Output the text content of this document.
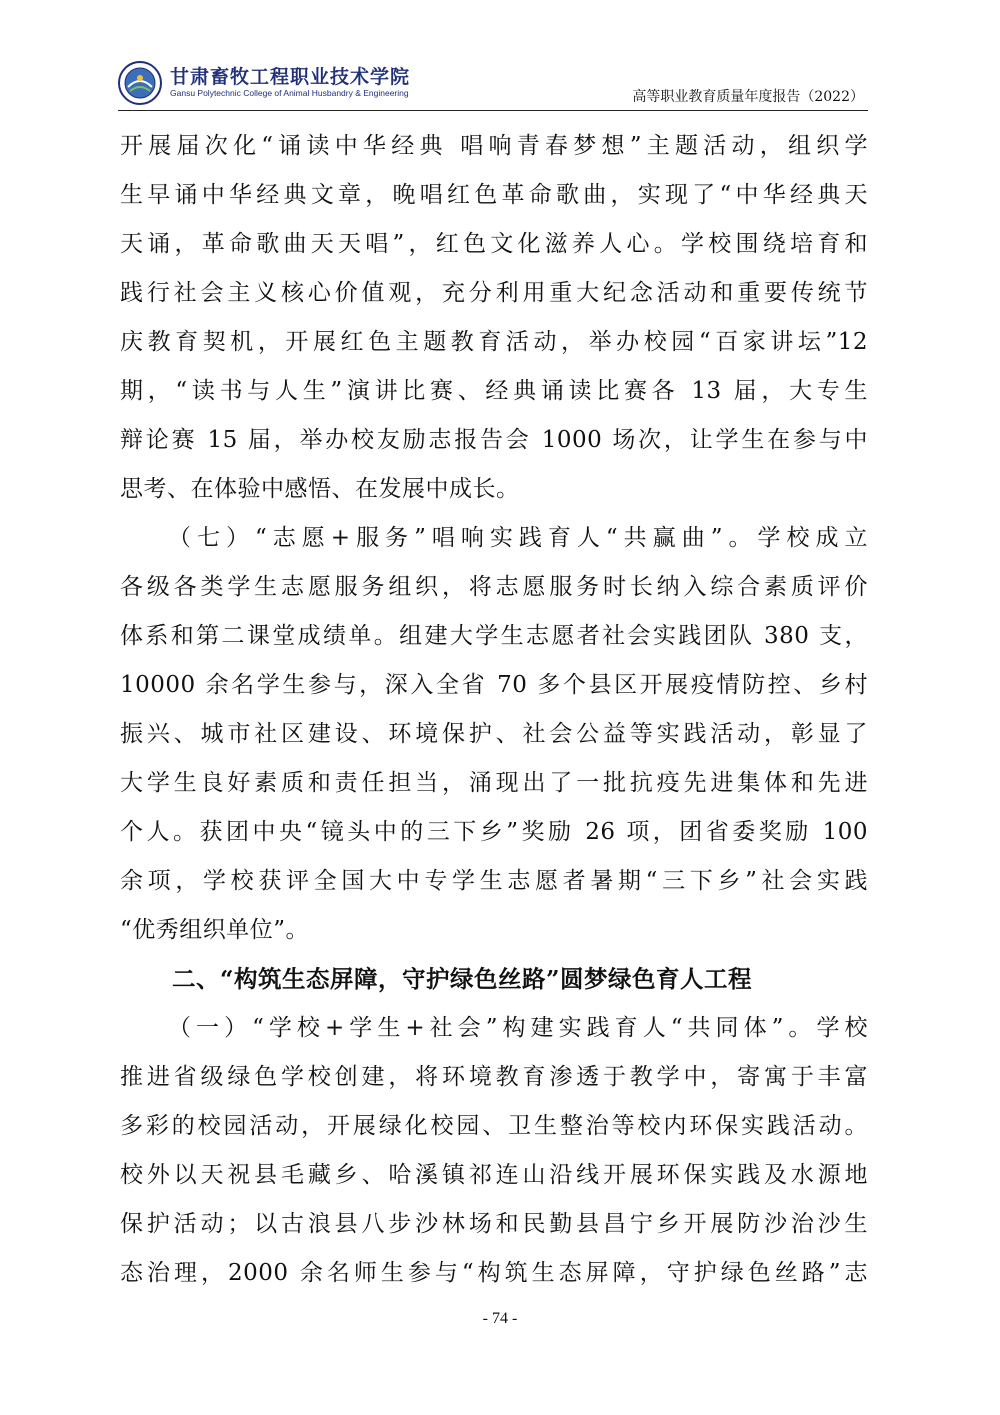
甘肃畜牧工程职业技术学院
Gansu Polytechnic College of Animal Husbandry & Engineering	高等职业教育质量年度报告（2022）
开展届次化“诵读中华经典 唱响青春梦想”主题活动，组织学
生早诵中华经典文章，晚唱红色革命歌曲，实现了“中华经典天
天诵，革命歌曲天天唱”，红色文化滋养人心。学校围绕培育和
践行社会主义核心价值观，充分利用重大纪念活动和重要传统节
庆教育契机，开展红色主题教育活动，举办校园“百家讲坛”12
期，“读书与人生”演讲比赛、经典诵读比赛各 13 届，大专生
辩论赛 15 届，举办校友励志报告会 1000 场次，让学生在参与中
思考、在体验中感悟、在发展中成长。
（七）“志愿+服务”唱响实践育人“共赢曲”。学校成立
各级各类学生志愿服务组织，将志愿服务时长纳入综合素质评价
体系和第二课堂成绩单。组建大学生志愿者社会实践团队 380 支，
10000 余名学生参与，深入全省 70 多个县区开展疫情防控、乡村
振兴、城市社区建设、环境保护、社会公益等实践活动，彰显了
大学生良好素质和责任担当，涌现出了一批抗疫先进集体和先进
个人。获团中央“镜头中的三下乡”奖励 26 项，团省委奖励 100
余项，学校获评全国大中专学生志愿者暑期“三下乡”社会实践
“优秀组织单位”。
二、“构筑生态屏障，守护绿色丝路”圆梦绿色育人工程
（一）“学校+学生+社会”构建实践育人“共同体”。学校
推进省级绿色学校创建，将环境教育渗透于教学中，寄寓于丰富
多彩的校园活动，开展绿化校园、卫生整治等校内环保实践活动。
校外以天祝县毛藏乡、哈溪镇祁连山沿线开展环保实践及水源地
保护活动；以古浪县八步沙林场和民勤县昌宁乡开展防沙治沙生
态治理，2000 余名师生参与“构筑生态屏障，守护绿色丝路”志
- 74 -
